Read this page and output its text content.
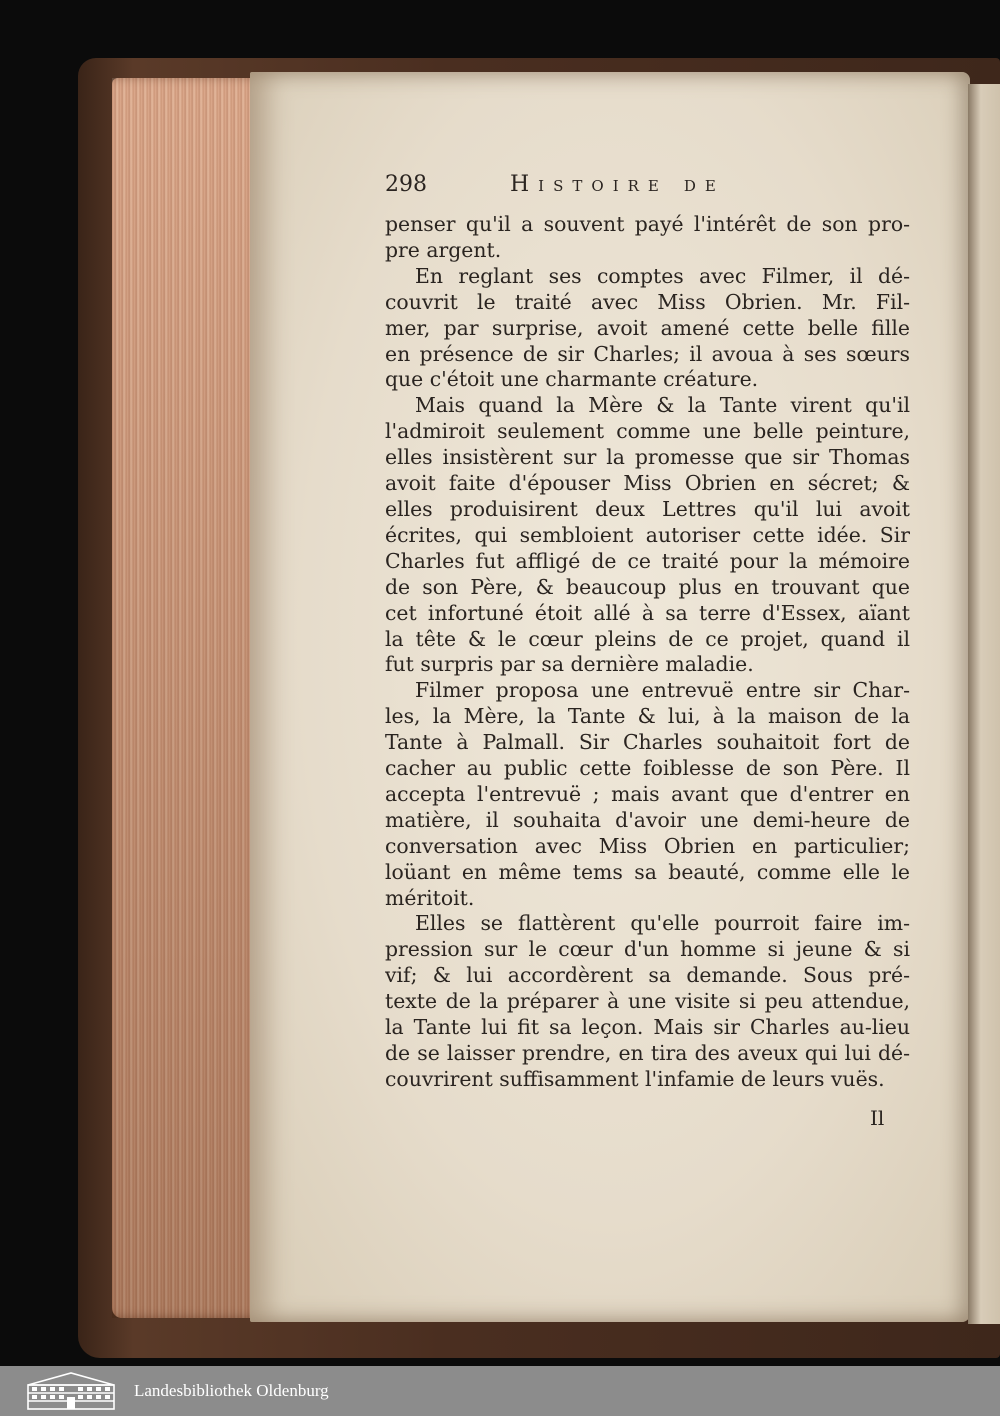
298	Histoire de
penser qu'il a souvent payé l'intérêt de son pro-
pre argent.
En reglant ses comptes avec Filmer, il dé-
couvrit le traité avec Miss Obrien. Mr. Fil-
mer, par surprise, avoit amené cette belle fille
en présence de sir Charles; il avoua à ses sœurs
que c'étoit une charmante créature.
Mais quand la Mère & la Tante virent qu'il
l'admiroit seulement comme une belle peinture,
elles insistèrent sur la promesse que sir Thomas
avoit faite d'épouser Miss Obrien en sécret; &
elles produisirent deux Lettres qu'il lui avoit
écrites, qui sembloient autoriser cette idée. Sir
Charles fut affligé de ce traité pour la mémoire
de son Père, & beaucoup plus en trouvant que
cet infortuné étoit allé à sa terre d'Essex, aïant
la tête & le cœur pleins de ce projet, quand il
fut surpris par sa dernière maladie.
Filmer proposa une entrevuë entre sir Char-
les, la Mère, la Tante & lui, à la maison de la
Tante à Palmall. Sir Charles souhaitoit fort de
cacher au public cette foiblesse de son Père. Il
accepta l'entrevuë ; mais avant que d'entrer en
matière, il souhaita d'avoir une demi-heure de
conversation avec Miss Obrien en particulier;
loüant en même tems sa beauté, comme elle le
méritoit.
Elles se flattèrent qu'elle pourroit faire im-
pression sur le cœur d'un homme si jeune & si
vif; & lui accordèrent sa demande. Sous pré-
texte de la préparer à une visite si peu attendue,
la Tante lui fit sa leçon. Mais sir Charles au-lieu
de se laisser prendre, en tira des aveux qui lui dé-
couvrirent suffisamment l'infamie de leurs vuës.
Il
Landesbibliothek Oldenburg
